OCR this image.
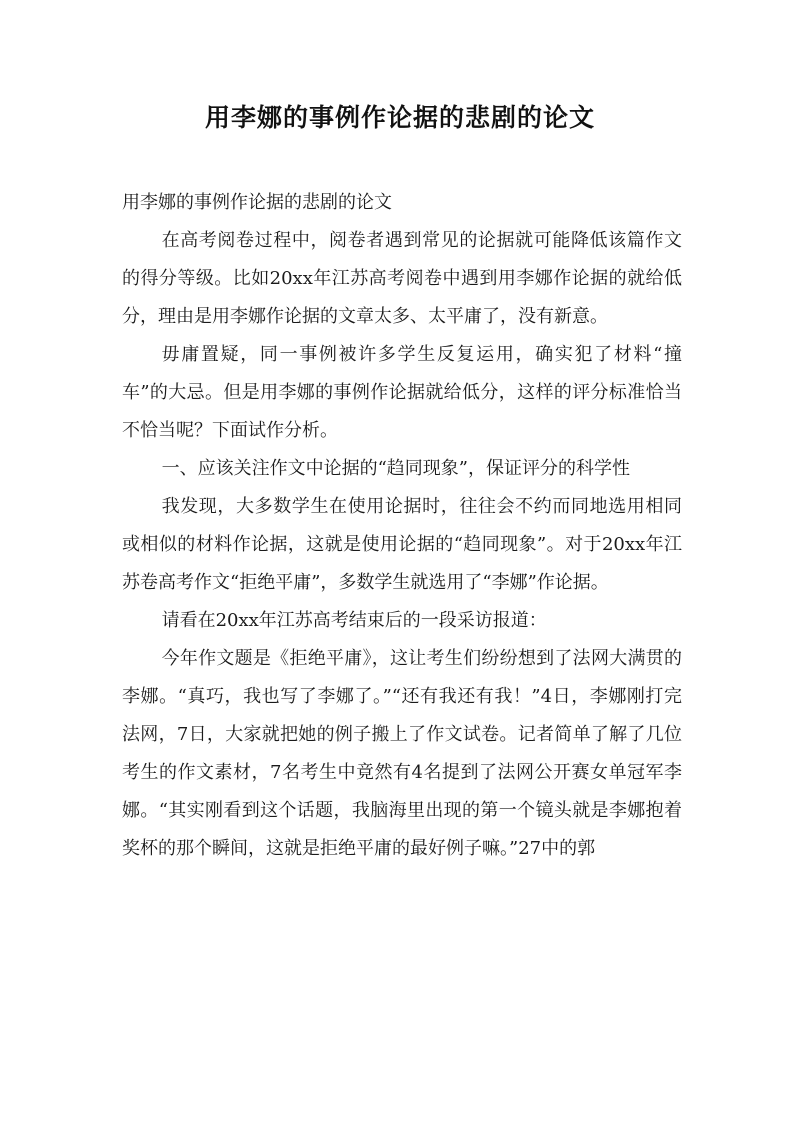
用李娜的事例作论据的悲剧的论文

用李娜的事例作论据的悲剧的论文

在高考阅卷过程中，阅卷者遇到常见的论据就可能降低该篇作文的得分等级。比如20xx年江苏高考阅卷中遇到用李娜作论据的就给低分，理由是用李娜作论据的文章太多、太平庸了，没有新意。

毋庸置疑，同一事例被许多学生反复运用，确实犯了材料“撞车”的大忌。但是用李娜的事例作论据就给低分，这样的评分标准恰当不恰当呢？下面试作分析。

一、应该关注作文中论据的“趋同现象”，保证评分的科学性

我发现，大多数学生在使用论据时，往往会不约而同地选用相同或相似的材料作论据，这就是使用论据的“趋同现象”。对于20xx年江苏卷高考作文“拒绝平庸”，多数学生就选用了“李娜”作论据。

请看在20xx年江苏高考结束后的一段采访报道：

今年作文题是《拒绝平庸》，这让考生们纷纷想到了法网大满贯的李娜。“真巧，我也写了李娜了。”“还有我还有我！”4日，李娜刚打完法网，7日，大家就把她的例子搬上了作文试卷。记者简单了解了几位考生的作文素材，7名考生中竟然有4名提到了法网公开赛女单冠军李娜。“其实刚看到这个话题，我脑海里出现的第一个镜头就是李娜抱着奖杯的那个瞬间，这就是拒绝平庸的最好例子嘛。”27中的郭
